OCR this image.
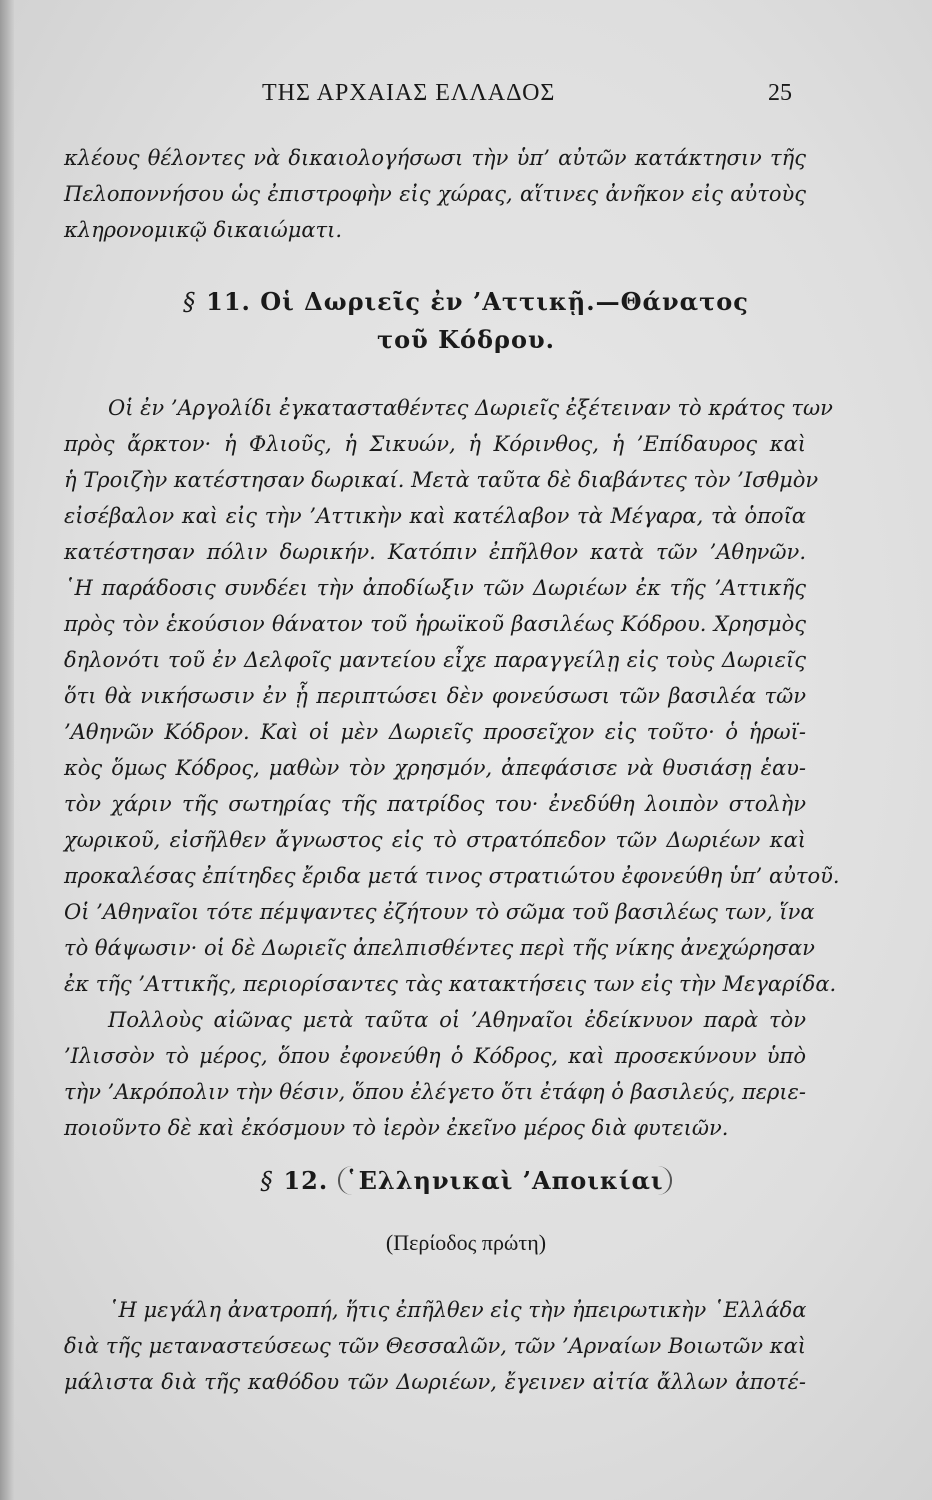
ΤΗΣ ΑΡΧΑΙΑΣ ΕΛΛΑΔΟΣ	25
κλέους θέλοντες νὰ δικαιολογήσωσι τὴν ὑπ’ αὐτῶν κατάκτησιν τῆς
Πελοποννήσου ὡς ἐπιστροφὴν εἰς χώρας, αἵτινες ἀνῆκον εἰς αὐτοὺς
κληρονομικῷ δικαιώματι.
§ 11. Οἱ Δωριεῖς ἐν ’Αττικῇ.—Θάνατος
τοῦ Κόδρου.
Οἱ ἐν ’Αργολίδι ἐγκατασταθέντες Δωριεῖς ἐξέτειναν τὸ κράτος των
πρὸς ἄρκτον· ἡ Φλιοῦς, ἡ Σικυών, ἡ Κόρινθος, ἡ ’Επίδαυρος καὶ
ἡ Τροιζὴν κατέστησαν δωρικαί. Μετὰ ταῦτα δὲ διαβάντες τὸν ’Ισθμὸν
εἰσέβαλον καὶ εἰς τὴν ’Αττικὴν καὶ κατέλαβον τὰ Μέγαρα, τὰ ὁποῖα
κατέστησαν πόλιν δωρικήν. Κατόπιν ἐπῆλθον κατὰ τῶν ’Αθηνῶν.
῾Η παράδοσις συνδέει τὴν ἀποδίωξιν τῶν Δωριέων ἐκ τῆς ’Αττικῆς
πρὸς τὸν ἑκούσιον θάνατον τοῦ ἡρωϊκοῦ βασιλέως Κόδρου. Χρησμὸς
δηλονότι τοῦ ἐν Δελφοῖς μαντείου εἶχε παραγγείλῃ εἰς τοὺς Δωριεῖς
ὅτι θὰ νικήσωσιν ἐν ᾗ περιπτώσει δὲν φονεύσωσι τῶν βασιλέα τῶν
’Αθηνῶν Κόδρον. Καὶ οἱ μὲν Δωριεῖς προσεῖχον εἰς τοῦτο· ὁ ἡρωϊ-
κὸς ὅμως Κόδρος, μαθὼν τὸν χρησμόν, ἀπεφάσισε νὰ θυσιάσῃ ἑαυ-
τὸν χάριν τῆς σωτηρίας τῆς πατρίδος του· ἐνεδύθη λοιπὸν στολὴν
χωρικοῦ, εἰσῆλθεν ἄγνωστος εἰς τὸ στρατόπεδον τῶν Δωριέων καὶ
προκαλέσας ἐπίτηδες ἔριδα μετά τινος στρατιώτου ἐφονεύθη ὑπ’ αὐτοῦ.
Οἱ ’Αθηναῖοι τότε πέμψαντες ἐζήτουν τὸ σῶμα τοῦ βασιλέως των, ἵνα
τὸ θάψωσιν· οἱ δὲ Δωριεῖς ἀπελπισθέντες περὶ τῆς νίκης ἀνεχώρησαν
ἐκ τῆς ’Αττικῆς, περιορίσαντες τὰς κατακτήσεις των εἰς τὴν Μεγαρίδα.
Πολλοὺς αἰῶνας μετὰ ταῦτα οἱ ’Αθηναῖοι ἐδείκνυον παρὰ τὸν
’Ιλισσὸν τὸ μέρος, ὅπου ἐφονεύθη ὁ Κόδρος, καὶ προσεκύνουν ὑπὸ
τὴν ’Ακρόπολιν τὴν θέσιν, ὅπου ἐλέγετο ὅτι ἐτάφη ὁ βασιλεύς, περιε-
ποιοῦντο δὲ καὶ ἐκόσμουν τὸ ἱερὸν ἐκεῖνο μέρος διὰ φυτειῶν.
§ 12. ῾Ελληνικαὶ ’Αποικίαι
(Περίοδος πρώτη)
῾Η μεγάλη ἀνατροπή, ἥτις ἐπῆλθεν εἰς τὴν ἠπειρωτικὴν ῾Ελλάδα
διὰ τῆς μεταναστεύσεως τῶν Θεσσαλῶν, τῶν ’Αρναίων Βοιωτῶν καὶ
μάλιστα διὰ τῆς καθόδου τῶν Δωριέων, ἔγεινεν αἰτία ἄλλων ἀποτέ-
